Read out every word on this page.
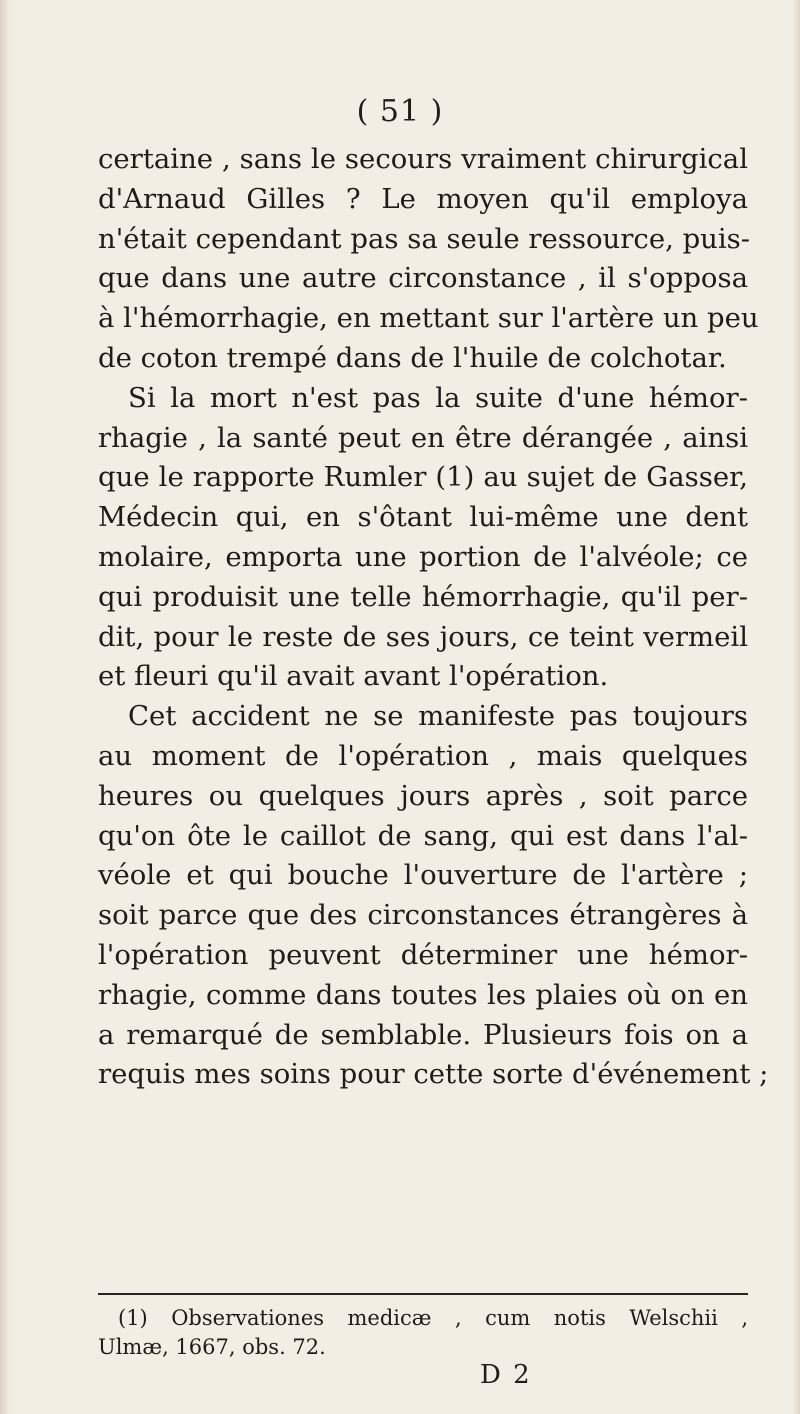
( 51 )
certaine , sans le secours vraiment chirurgical
d'Arnaud Gilles ? Le moyen qu'il employa
n'était cependant pas sa seule ressource, puis-
que dans une autre circonstance , il s'opposa
à l'hémorrhagie, en mettant sur l'artère un peu
de coton trempé dans de l'huile de colchotar.
Si la mort n'est pas la suite d'une hémor-
rhagie , la santé peut en être dérangée , ainsi
que le rapporte Rumler (1) au sujet de Gasser,
Médecin qui, en s'ôtant lui-même une dent
molaire, emporta une portion de l'alvéole; ce
qui produisit une telle hémorrhagie, qu'il per-
dit, pour le reste de ses jours, ce teint vermeil
et fleuri qu'il avait avant l'opération.
Cet accident ne se manifeste pas toujours
au moment de l'opération , mais quelques
heures ou quelques jours après , soit parce
qu'on ôte le caillot de sang, qui est dans l'al-
véole et qui bouche l'ouverture de l'artère ;
soit parce que des circonstances étrangères à
l'opération peuvent déterminer une hémor-
rhagie, comme dans toutes les plaies où on en
a remarqué de semblable. Plusieurs fois on a
requis mes soins pour cette sorte d'événement ;
(1) Observationes medicæ , cum notis Welschii ,
Ulmæ, 1667, obs. 72.
D 2
